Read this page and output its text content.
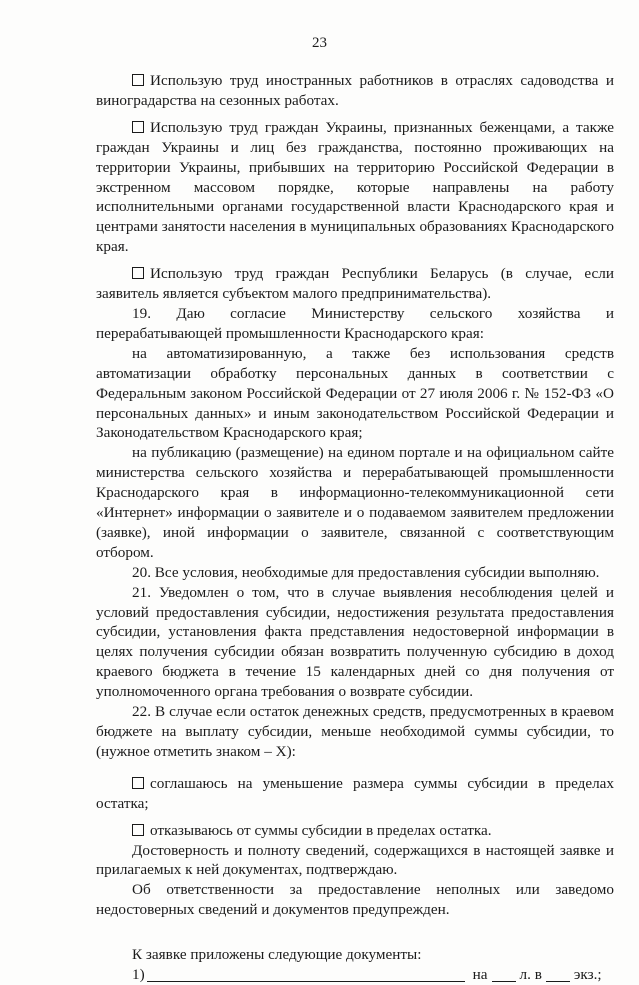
23

Использую труд иностранных работников в отраслях садоводства и виноградарства на сезонных работах.

Использую труд граждан Украины, признанных беженцами, а также граждан Украины и лиц без гражданства, постоянно проживающих на территории Украины, прибывших на территорию Российской Федерации в экстренном массовом порядке, которые направлены на работу исполнительными органами государственной власти Краснодарского края и центрами занятости населения в муниципальных образованиях Краснодарского края.

Использую труд граждан Республики Беларусь (в случае, если заявитель является субъектом малого предпринимательства).

19. Даю согласие Министерству сельского хозяйства и перерабатывающей промышленности Краснодарского края:

на автоматизированную, а также без использования средств автоматизации обработку персональных данных в соответствии с Федеральным законом Российской Федерации от 27 июля 2006 г. № 152-ФЗ «О персональных данных» и иным законодательством Российской Федерации и Законодательством Краснодарского края;

на публикацию (размещение) на едином портале и на официальном сайте министерства сельского хозяйства и перерабатывающей промышленности Краснодарского края в информационно-телекоммуникационной сети «Интернет» информации о заявителе и о подаваемом заявителем предложении (заявке), иной информации о заявителе, связанной с соответствующим отбором.

20. Все условия, необходимые для предоставления субсидии выполняю.

21. Уведомлен о том, что в случае выявления несоблюдения целей и условий предоставления субсидии, недостижения результата предоставления субсидии, установления факта представления недостоверной информации в целях получения субсидии обязан возвратить полученную субсидию в доход краевого бюджета в течение 15 календарных дней со дня получения от уполномоченного органа требования о возврате субсидии.

22. В случае если остаток денежных средств, предусмотренных в краевом бюджете на выплату субсидии, меньше необходимой суммы субсидии, то (нужное отметить знаком – Х):

соглашаюсь на уменьшение размера суммы субсидии в пределах остатка;

отказываюсь от суммы субсидии в пределах остатка.

Достоверность и полноту сведений, содержащихся в настоящей заявке и прилагаемых к ней документах, подтверждаю.

Об ответственности за предоставление неполных или заведомо недостоверных сведений и документов предупрежден.

К заявке приложены следующие документы:

1)	на л. в экз.;
